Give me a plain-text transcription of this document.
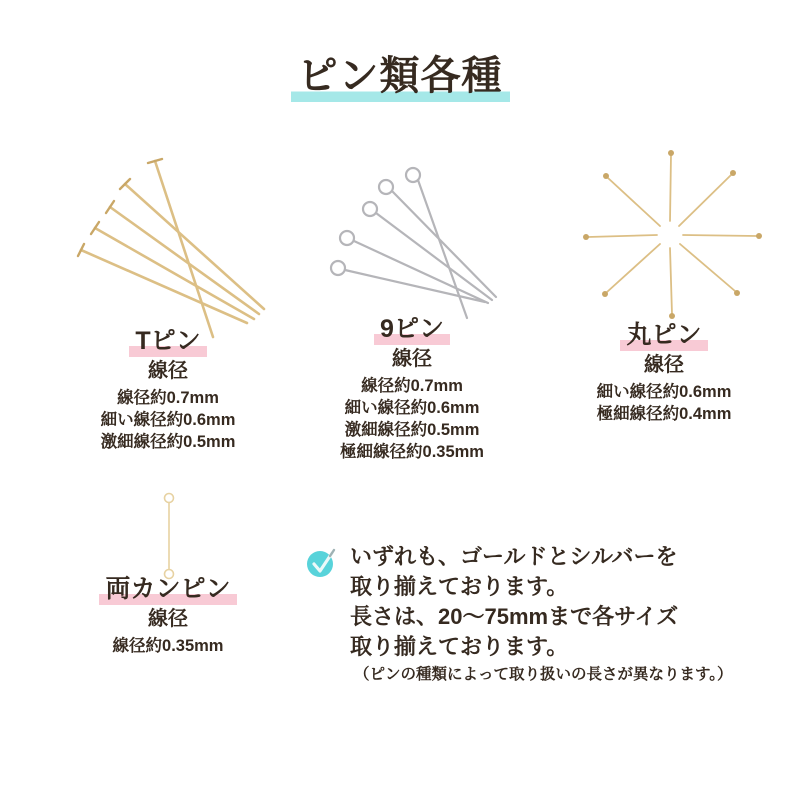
ピン類各種
Tピン
線径
線径約0.7mm
細い線径約0.6mm
激細線径約0.5mm
9ピン
線径
線径約0.7mm
細い線径約0.6mm
激細線径約0.5mm
極細線径約0.35mm
丸ピン
線径
細い線径約0.6mm
極細線径約0.4mm
両カンピン
線径
線径約0.35mm
いずれも、ゴールドとシルバーを
取り揃えております。
長さは、20〜75mmまで各サイズ
取り揃えております。
（ピンの種類によって取り扱いの長さが異なります。）
